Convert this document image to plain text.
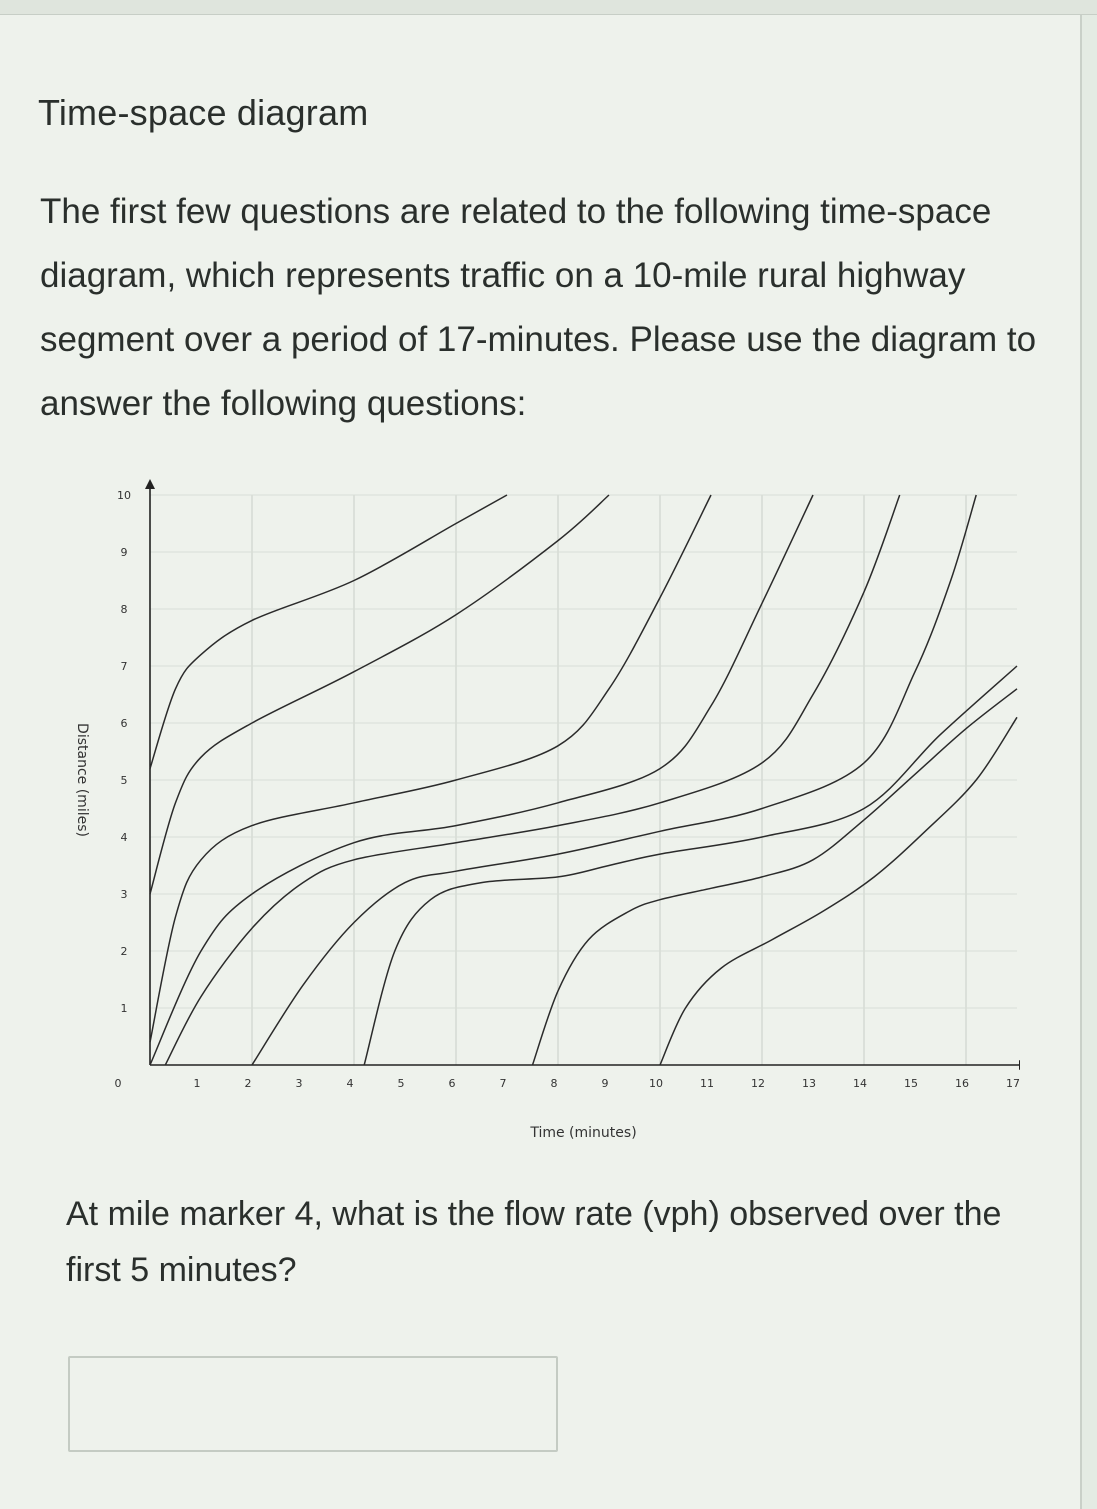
Time-space diagram
The first few questions are related to the following time-space diagram, which represents traffic on a 10-mile rural highway segment over a period of 17-minutes. Please use the diagram to answer the following questions:
0	1	2	3	4	5	6	7	8	9	10	11	12	13	14	15	16	17
1
2
3
4
5
6
7
8
9
10
Time (minutes)
Distance (miles)
At mile marker 4, what is the flow rate (vph) observed over the first 5 minutes?
